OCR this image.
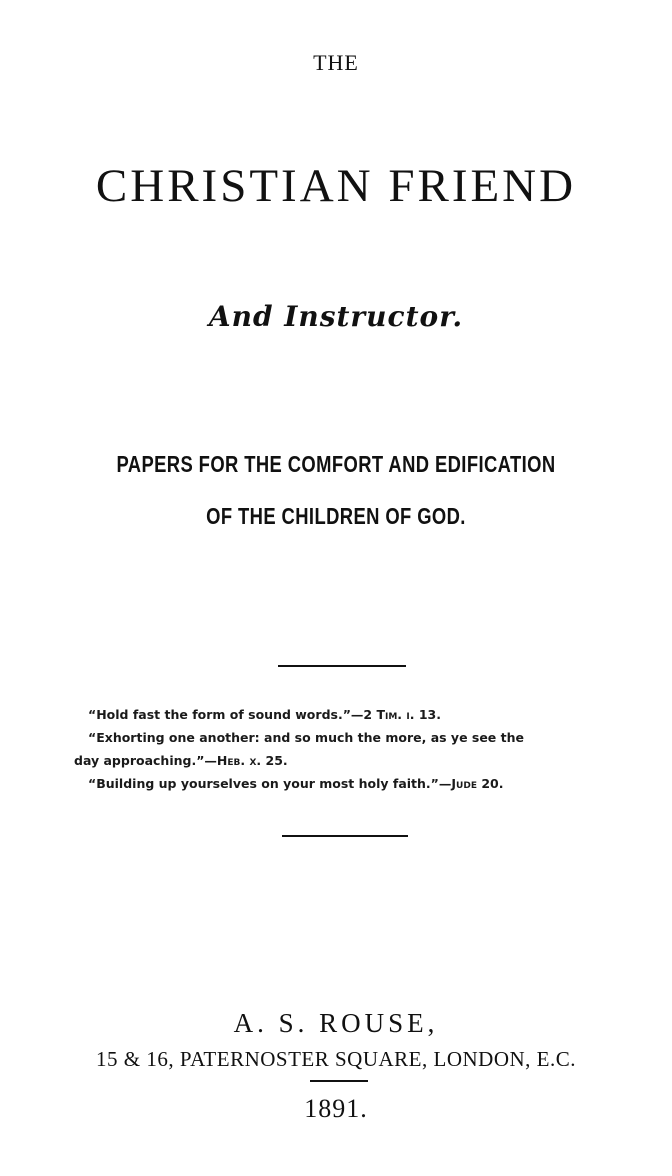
THE
CHRISTIAN FRIEND
And Instructor.
PAPERS FOR THE COMFORT AND EDIFICATION
OF THE CHILDREN OF GOD.
“Hold fast the form of sound words.”—2 Tim. i. 13.
“Exhorting one another: and so much the more, as ye see the
day approaching.”—Heb. x. 25.
“Building up yourselves on your most holy faith.”—Jude 20.
A. S. ROUSE,
15 & 16, PATERNOSTER SQUARE, LONDON, E.C.
1891.
